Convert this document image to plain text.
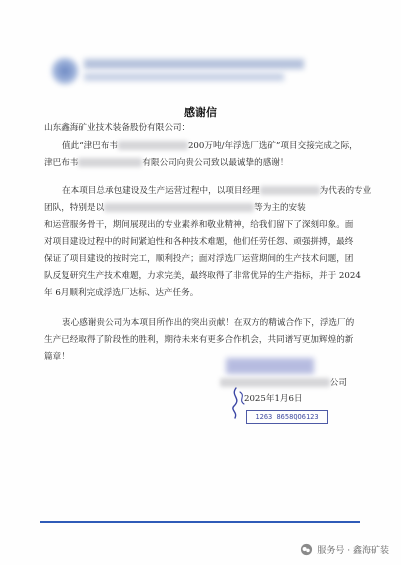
感谢信
山东鑫海矿业技术装备股份有限公司：
值此“津巴布韦	200万吨/年浮选厂选矿”项目交接完成之际，
津巴布韦	有限公司向贵公司致以最诚挚的感谢！
在本项目总承包建设及生产运营过程中，以项目经理	为代表的专业
团队，特别是以	等为主的安装
和运营服务骨干，期间展现出的专业素养和敬业精神，给我们留下了深刻印象。面
对项目建设过程中的时间紧迫性和各种技术难题，他们任劳任怨、顽强拼搏，最终
保证了项目建设的按时完工，顺利投产；面对浮选厂运营期间的生产技术问题，团
队反复研究生产技术难题，力求完美，最终取得了非常优异的生产指标，并于 2024
年 6月顺利完成浮选厂达标、达产任务。
衷心感谢贵公司为本项目所作出的突出贡献！在双方的精诚合作下，浮选厂的
生产已经取得了阶段性的胜利，期待未来有更多合作机会，共同谱写更加辉煌的新
篇章！
公司
2025年1月6日
1263 8658QO6123
服务号 · 鑫海矿装
